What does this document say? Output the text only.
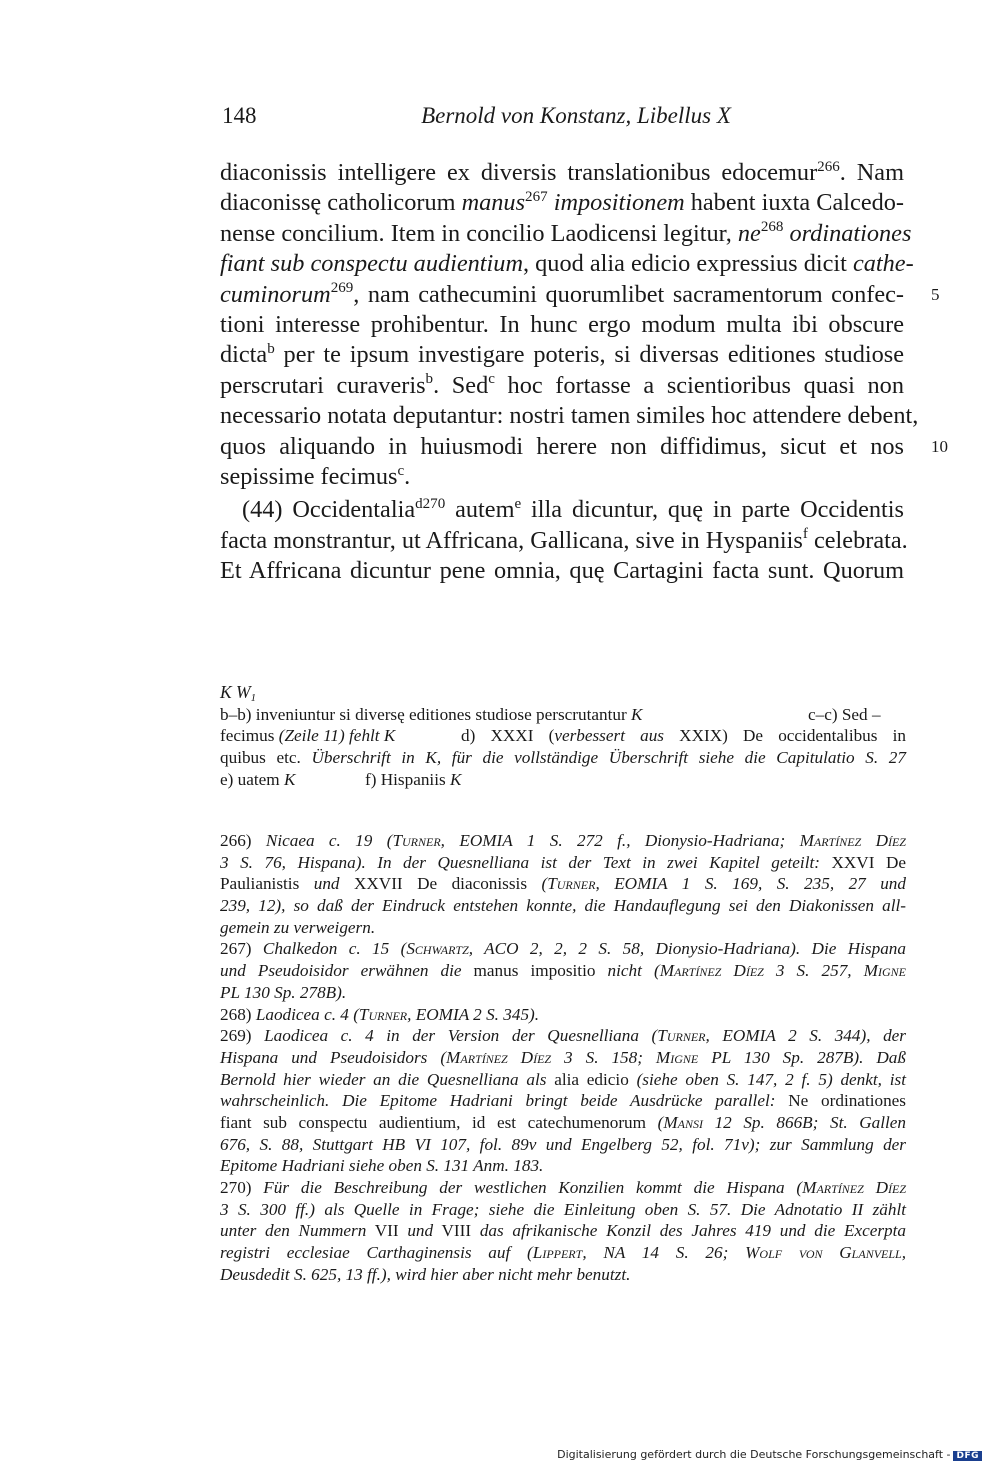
148	Bernold von Konstanz, Libellus X
diaconissis intelligere ex diversis translationibus edocemur$^{266}$. Nam
diaconissę catholicorum manus$^{267}$ impositionem habent iuxta Calcedo-
nense concilium. Item in concilio Laodicensi legitur, $ne^{268}$ ordinationes
fiant sub conspectu audientium, quod alia edicio expressius dicit cathe-
cuminorum$^{269}$, nam cathecumini quorumlibet sacramentorum confec- 5
tioni interesse prohibentur. In hunc ergo modum multa ibi obscure
dicta$^b$ per te ipsum investigare poteris, si diversas editiones studiose
perscrutari curaveris$^b$. Sed$^c$ hoc fortasse a scientioribus quasi non
necessario notata deputantur: nostri tamen similes hoc attendere debent,
quos aliquando in huiusmodi herere non diffidimus, sicut et nos 10
sepissime fecimus$^c$.
(44) Occidentalia$^{d270}$ autem$^e$ illa dicuntur, quę in parte Occidentis
facta monstrantur, ut Affricana, Gallicana, sive in Hyspaniis$^f$ celebrata.
Et Affricana dicuntur pene omnia, quę Cartagini facta sunt. Quorum
K $W_1$
b–b) inveniuntur si diversę editiones studiose perscrutantur K	c–c) Sed –
fecimus (Zeile 11) fehlt K	d) XXXI (verbessert aus XXIX) De occidentalibus in
quibus etc. Überschrift in K, für die vollständige Überschrift siehe die Capitulatio S. 27
e) uatem K	f) Hispaniis K
266) Nicaea c. 19 (Turner, EOMIA 1 S. 272 f., Dionysio-Hadriana; Martínez Díez
3 S. 76, Hispana). In der Quesnelliana ist der Text in zwei Kapitel geteilt: XXVI De
Paulianistis und XXVII De diaconissis (Turner, EOMIA 1 S. 169, S. 235, 27 und
239, 12), so daß der Eindruck entstehen konnte, die Handauflegung sei den Diakonissen all-
gemein zu verweigern.
267) Chalkedon c. 15 (Schwartz, ACO 2, 2, 2 S. 58, Dionysio-Hadriana). Die Hispana
und Pseudoisidor erwähnen die manus impositio nicht (Martínez Díez 3 S. 257, Migne
PL 130 Sp. 278B).
268) Laodicea c. 4 (Turner, EOMIA 2 S. 345).
269) Laodicea c. 4 in der Version der Quesnelliana (Turner, EOMIA 2 S. 344), der
Hispana und Pseudoisidors (Martínez Díez 3 S. 158; Migne PL 130 Sp. 287B). Daß
Bernold hier wieder an die Quesnelliana als alia edicio (siehe oben S. 147, 2 f. 5) denkt, ist
wahrscheinlich. Die Epitome Hadriani bringt beide Ausdrücke parallel: Ne ordinationes
fiant sub conspectu audientium, id est catechumenorum (Mansi 12 Sp. 866B; St. Gallen
676, S. 88, Stuttgart HB VI 107, fol. 89v und Engelberg 52, fol. 71v); zur Sammlung der
Epitome Hadriani siehe oben S. 131 Anm. 183.
270) Für die Beschreibung der westlichen Konzilien kommt die Hispana (Martínez Díez
3 S. 300 ff.) als Quelle in Frage; siehe die Einleitung oben S. 57. Die Adnotatio II zählt
unter den Nummern VII und VIII das afrikanische Konzil des Jahres 419 und die Excerpta
registri ecclesiae Carthaginensis auf (Lippert, NA 14 S. 26; Wolf von Glanvell,
Deusdedit S. 625, 13 ff.), wird hier aber nicht mehr benutzt.
Digitalisierung gefördert durch die Deutsche Forschungsgemeinschaft - DFG
